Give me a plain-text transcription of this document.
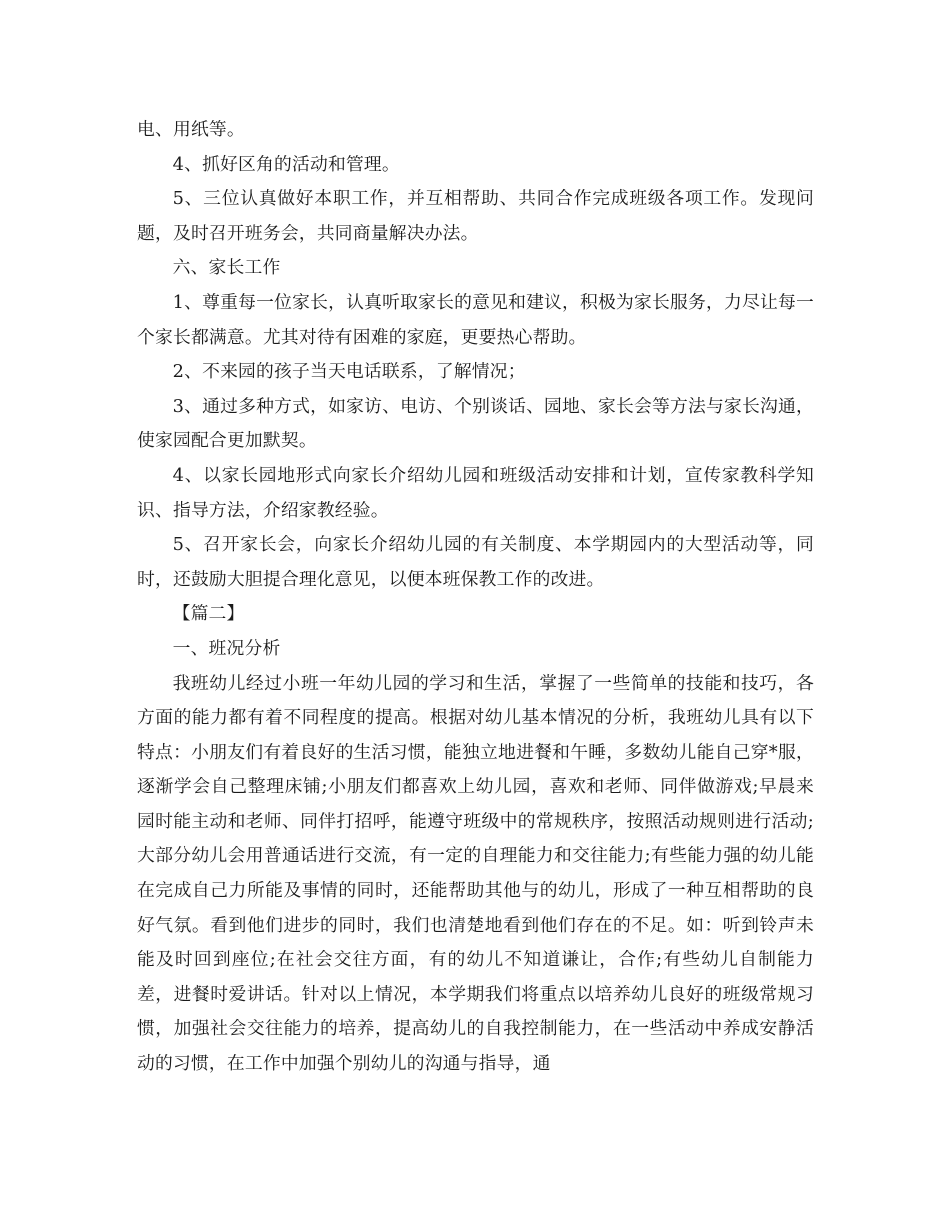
电、用纸等。

4、抓好区角的活动和管理。

5、三位认真做好本职工作，并互相帮助、共同合作完成班级各项工作。发现问题，及时召开班务会，共同商量解决办法。

六、家长工作

1、尊重每一位家长，认真听取家长的意见和建议，积极为家长服务，力尽让每一个家长都满意。尤其对待有困难的家庭，更要热心帮助。

2、不来园的孩子当天电话联系，了解情况；

3、通过多种方式，如家访、电访、个别谈话、园地、家长会等方法与家长沟通，使家园配合更加默契。

4、以家长园地形式向家长介绍幼儿园和班级活动安排和计划，宣传家教科学知识、指导方法，介绍家教经验。

5、召开家长会，向家长介绍幼儿园的有关制度、本学期园内的大型活动等，同时，还鼓励大胆提合理化意见，以便本班保教工作的改进。

【篇二】

一、班况分析

我班幼儿经过小班一年幼儿园的学习和生活，掌握了一些简单的技能和技巧，各方面的能力都有着不同程度的提高。根据对幼儿基本情况的分析，我班幼儿具有以下特点：小朋友们有着良好的生活习惯，能独立地进餐和午睡，多数幼儿能自己穿*服，逐渐学会自己整理床铺;小朋友们都喜欢上幼儿园，喜欢和老师、同伴做游戏;早晨来园时能主动和老师、同伴打招呼，能遵守班级中的常规秩序，按照活动规则进行活动;大部分幼儿会用普通话进行交流，有一定的自理能力和交往能力;有些能力强的幼儿能在完成自己力所能及事情的同时，还能帮助其他与的幼儿，形成了一种互相帮助的良好气氛。看到他们进步的同时，我们也清楚地看到他们存在的不足。如：听到铃声未能及时回到座位;在社会交往方面，有的幼儿不知道谦让，合作;有些幼儿自制能力差，进餐时爱讲话。针对以上情况，本学期我们将重点以培养幼儿良好的班级常规习惯，加强社会交往能力的培养，提高幼儿的自我控制能力，在一些活动中养成安静活动的习惯，在工作中加强个别幼儿的沟通与指导，通
